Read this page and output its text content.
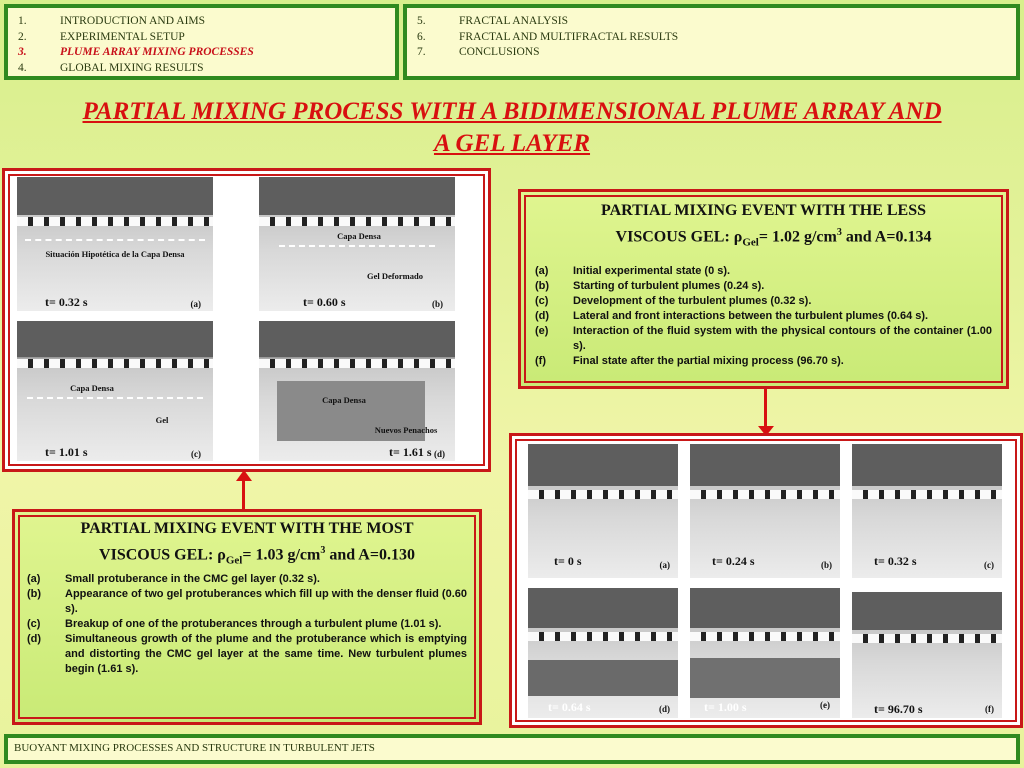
1.	INTRODUCTION AND AIMS
2.	EXPERIMENTAL SETUP
3.	PLUME ARRAY MIXING PROCESSES
4.	GLOBAL MIXING RESULTS
5.	FRACTAL ANALYSIS
6.	FRACTAL AND MULTIFRACTAL RESULTS
7.	CONCLUSIONS
PARTIAL MIXING PROCESS WITH A BIDIMENSIONAL PLUME ARRAY AND
A GEL LAYER
Situación Hipotética de la Capa Densa
t= 0.32 s	(a)
Capa Densa
Gel Deformado
t= 0.60 s	(b)
Capa Densa
Gel
t= 1.01 s	(c)
Capa Densa
Nuevos Penachos
t= 1.61 s (d)
PARTIAL MIXING EVENT WITH THE LESS
VISCOUS GEL: $\rho_{Gel}= 1.02$ $g/cm^3$ and A=0.134
(a)	Initial experimental state (0 s).
(b)	Starting of turbulent plumes (0.24 s).
(c)	Development of the turbulent plumes (0.32 s).
(d)	Lateral and front interactions between the turbulent plumes (0.64 s).
(e)	Interaction of the fluid system with the physical contours of the container (1.00 s).
(f)	Final state after the partial mixing process (96.70 s).
t= 0 s	(a)	t= 0.24 s	(b)	t= 0.32 s	(c)
t= 0.64 s	(d)	t= 1.00 s	(e)	t= 96.70 s	(f)
PARTIAL MIXING EVENT WITH THE MOST
VISCOUS GEL: $\rho_{Gel}= 1.03$ $g/cm^3$ and A=0.130
(a)	Small protuberance in the CMC gel layer (0.32 s).
(b)	Appearance of two gel protuberances which fill up with the denser fluid (0.60 s).
(c)	Breakup of one of the protuberances through a turbulent plume (1.01 s).
(d)	Simultaneous growth of the plume and the protuberance which is emptying and distorting the CMC gel layer at the same time. New turbulent plumes begin (1.61 s).
BUOYANT MIXING PROCESSES AND STRUCTURE IN TURBULENT JETS
